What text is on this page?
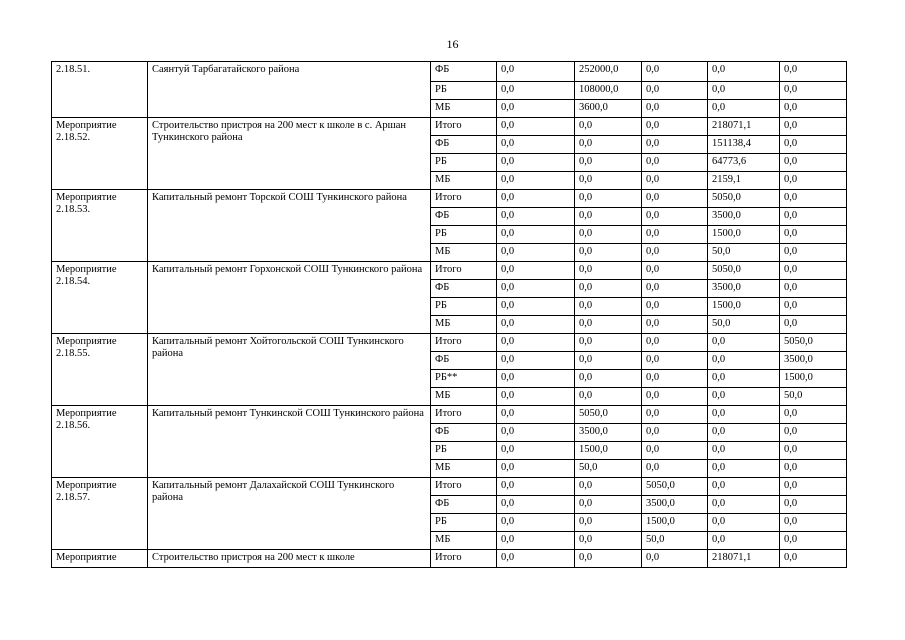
16
2.18.51.	Саянтуй Тарбагатайского района	ФБ	0,0	252000,0	0,0	0,0	0,0
		РБ	0,0	108000,0	0,0	0,0	0,0
		МБ	0,0	3600,0	0,0	0,0	0,0
Мероприятие 2.18.52.	Строительство пристроя на 200 мест к школе в с. Аршан Тункинского района	Итого	0,0	0,0	0,0	218071,1	0,0
		ФБ	0,0	0,0	0,0	151138,4	0,0
		РБ	0,0	0,0	0,0	64773,6	0,0
		МБ	0,0	0,0	0,0	2159,1	0,0
Мероприятие 2.18.53.	Капитальный ремонт Торской СОШ Тункинского района	Итого	0,0	0,0	0,0	5050,0	0,0
		ФБ	0,0	0,0	0,0	3500,0	0,0
		РБ	0,0	0,0	0,0	1500,0	0,0
		МБ	0,0	0,0	0,0	50,0	0,0
Мероприятие 2.18.54.	Капитальный ремонт Горхонской СОШ Тункинского района	Итого	0,0	0,0	0,0	5050,0	0,0
		ФБ	0,0	0,0	0,0	3500,0	0,0
		РБ	0,0	0,0	0,0	1500,0	0,0
		МБ	0,0	0,0	0,0	50,0	0,0
Мероприятие 2.18.55.	Капитальный ремонт Хойтогольской СОШ Тункинского района	Итого	0,0	0,0	0,0	0,0	5050,0
		ФБ	0,0	0,0	0,0	0,0	3500,0
		РБ**	0,0	0,0	0,0	0,0	1500,0
		МБ	0,0	0,0	0,0	0,0	50,0
Мероприятие 2.18.56.	Капитальный ремонт Тункинской СОШ Тункинского района	Итого	0,0	5050,0	0,0	0,0	0,0
		ФБ	0,0	3500,0	0,0	0,0	0,0
		РБ	0,0	1500,0	0,0	0,0	0,0
		МБ	0,0	50,0	0,0	0,0	0,0
Мероприятие 2.18.57.	Капитальный ремонт Далахайской СОШ Тункинского района	Итого	0,0	0,0	5050,0	0,0	0,0
		ФБ	0,0	0,0	3500,0	0,0	0,0
		РБ	0,0	0,0	1500,0	0,0	0,0
		МБ	0,0	0,0	50,0	0,0	0,0
Мероприятие	Строительство пристроя на 200 мест к школе	Итого	0,0	0,0	0,0	218071,1	0,0
